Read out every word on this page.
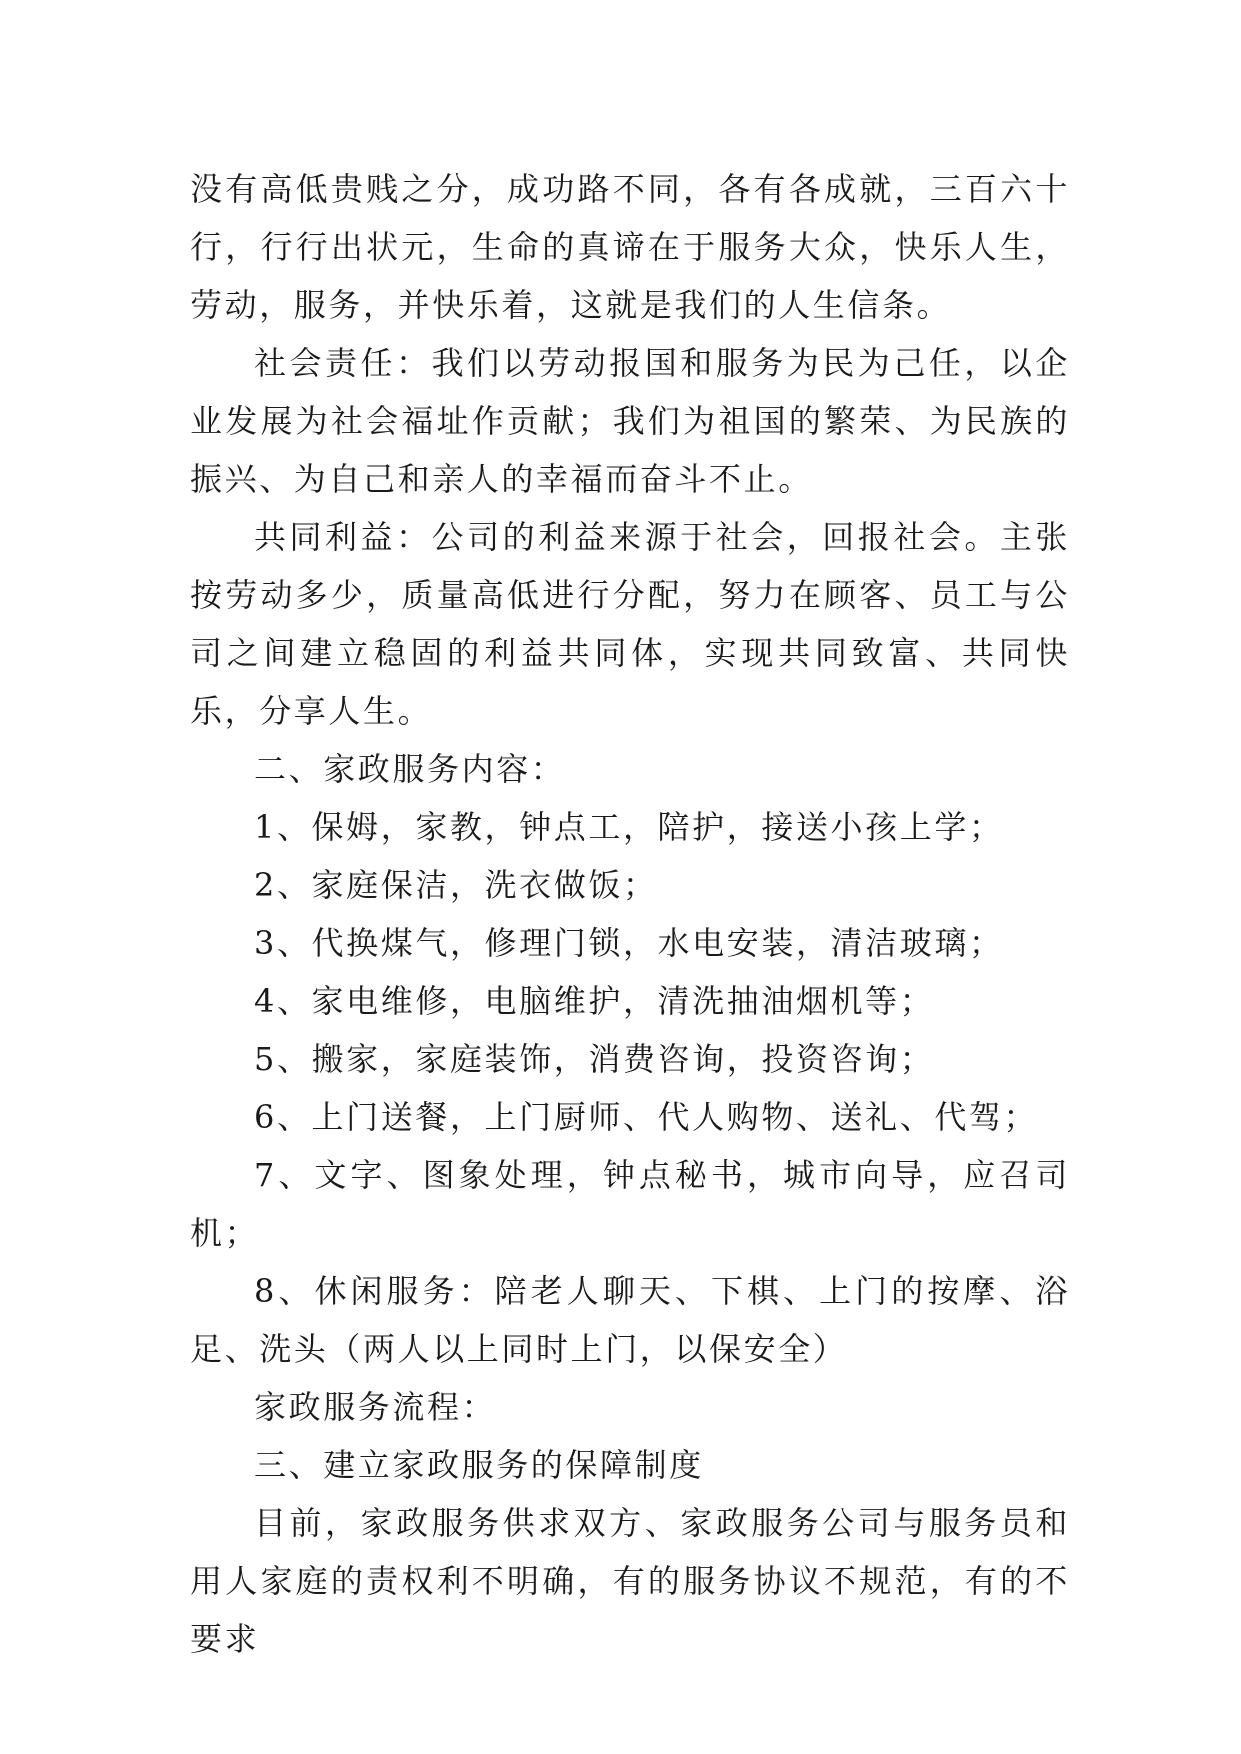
没有高低贵贱之分，成功路不同，各有各成就，三百六十行，行行出状元，生命的真谛在于服务大众，快乐人生，劳动，服务，并快乐着，这就是我们的人生信条。

社会责任：我们以劳动报国和服务为民为己任，以企业发展为社会福址作贡献；我们为祖国的繁荣、为民族的振兴、为自己和亲人的幸福而奋斗不止。

共同利益：公司的利益来源于社会，回报社会。主张按劳动多少，质量高低进行分配，努力在顾客、员工与公司之间建立稳固的利益共同体，实现共同致富、共同快乐，分享人生。

二、家政服务内容：

1、保姆，家教，钟点工，陪护，接送小孩上学；

2、家庭保洁，洗衣做饭；

3、代换煤气，修理门锁，水电安装，清洁玻璃；

4、家电维修，电脑维护，清洗抽油烟机等；

5、搬家，家庭装饰，消费咨询，投资咨询；

6、上门送餐，上门厨师、代人购物、送礼、代驾；

7、文字、图象处理，钟点秘书，城市向导，应召司机；

8、休闲服务：陪老人聊天、下棋、上门的按摩、浴足、洗头（两人以上同时上门，以保安全）

家政服务流程：

三、建立家政服务的保障制度

目前，家政服务供求双方、家政服务公司与服务员和用人家庭的责权利不明确，有的服务协议不规范，有的不要求
